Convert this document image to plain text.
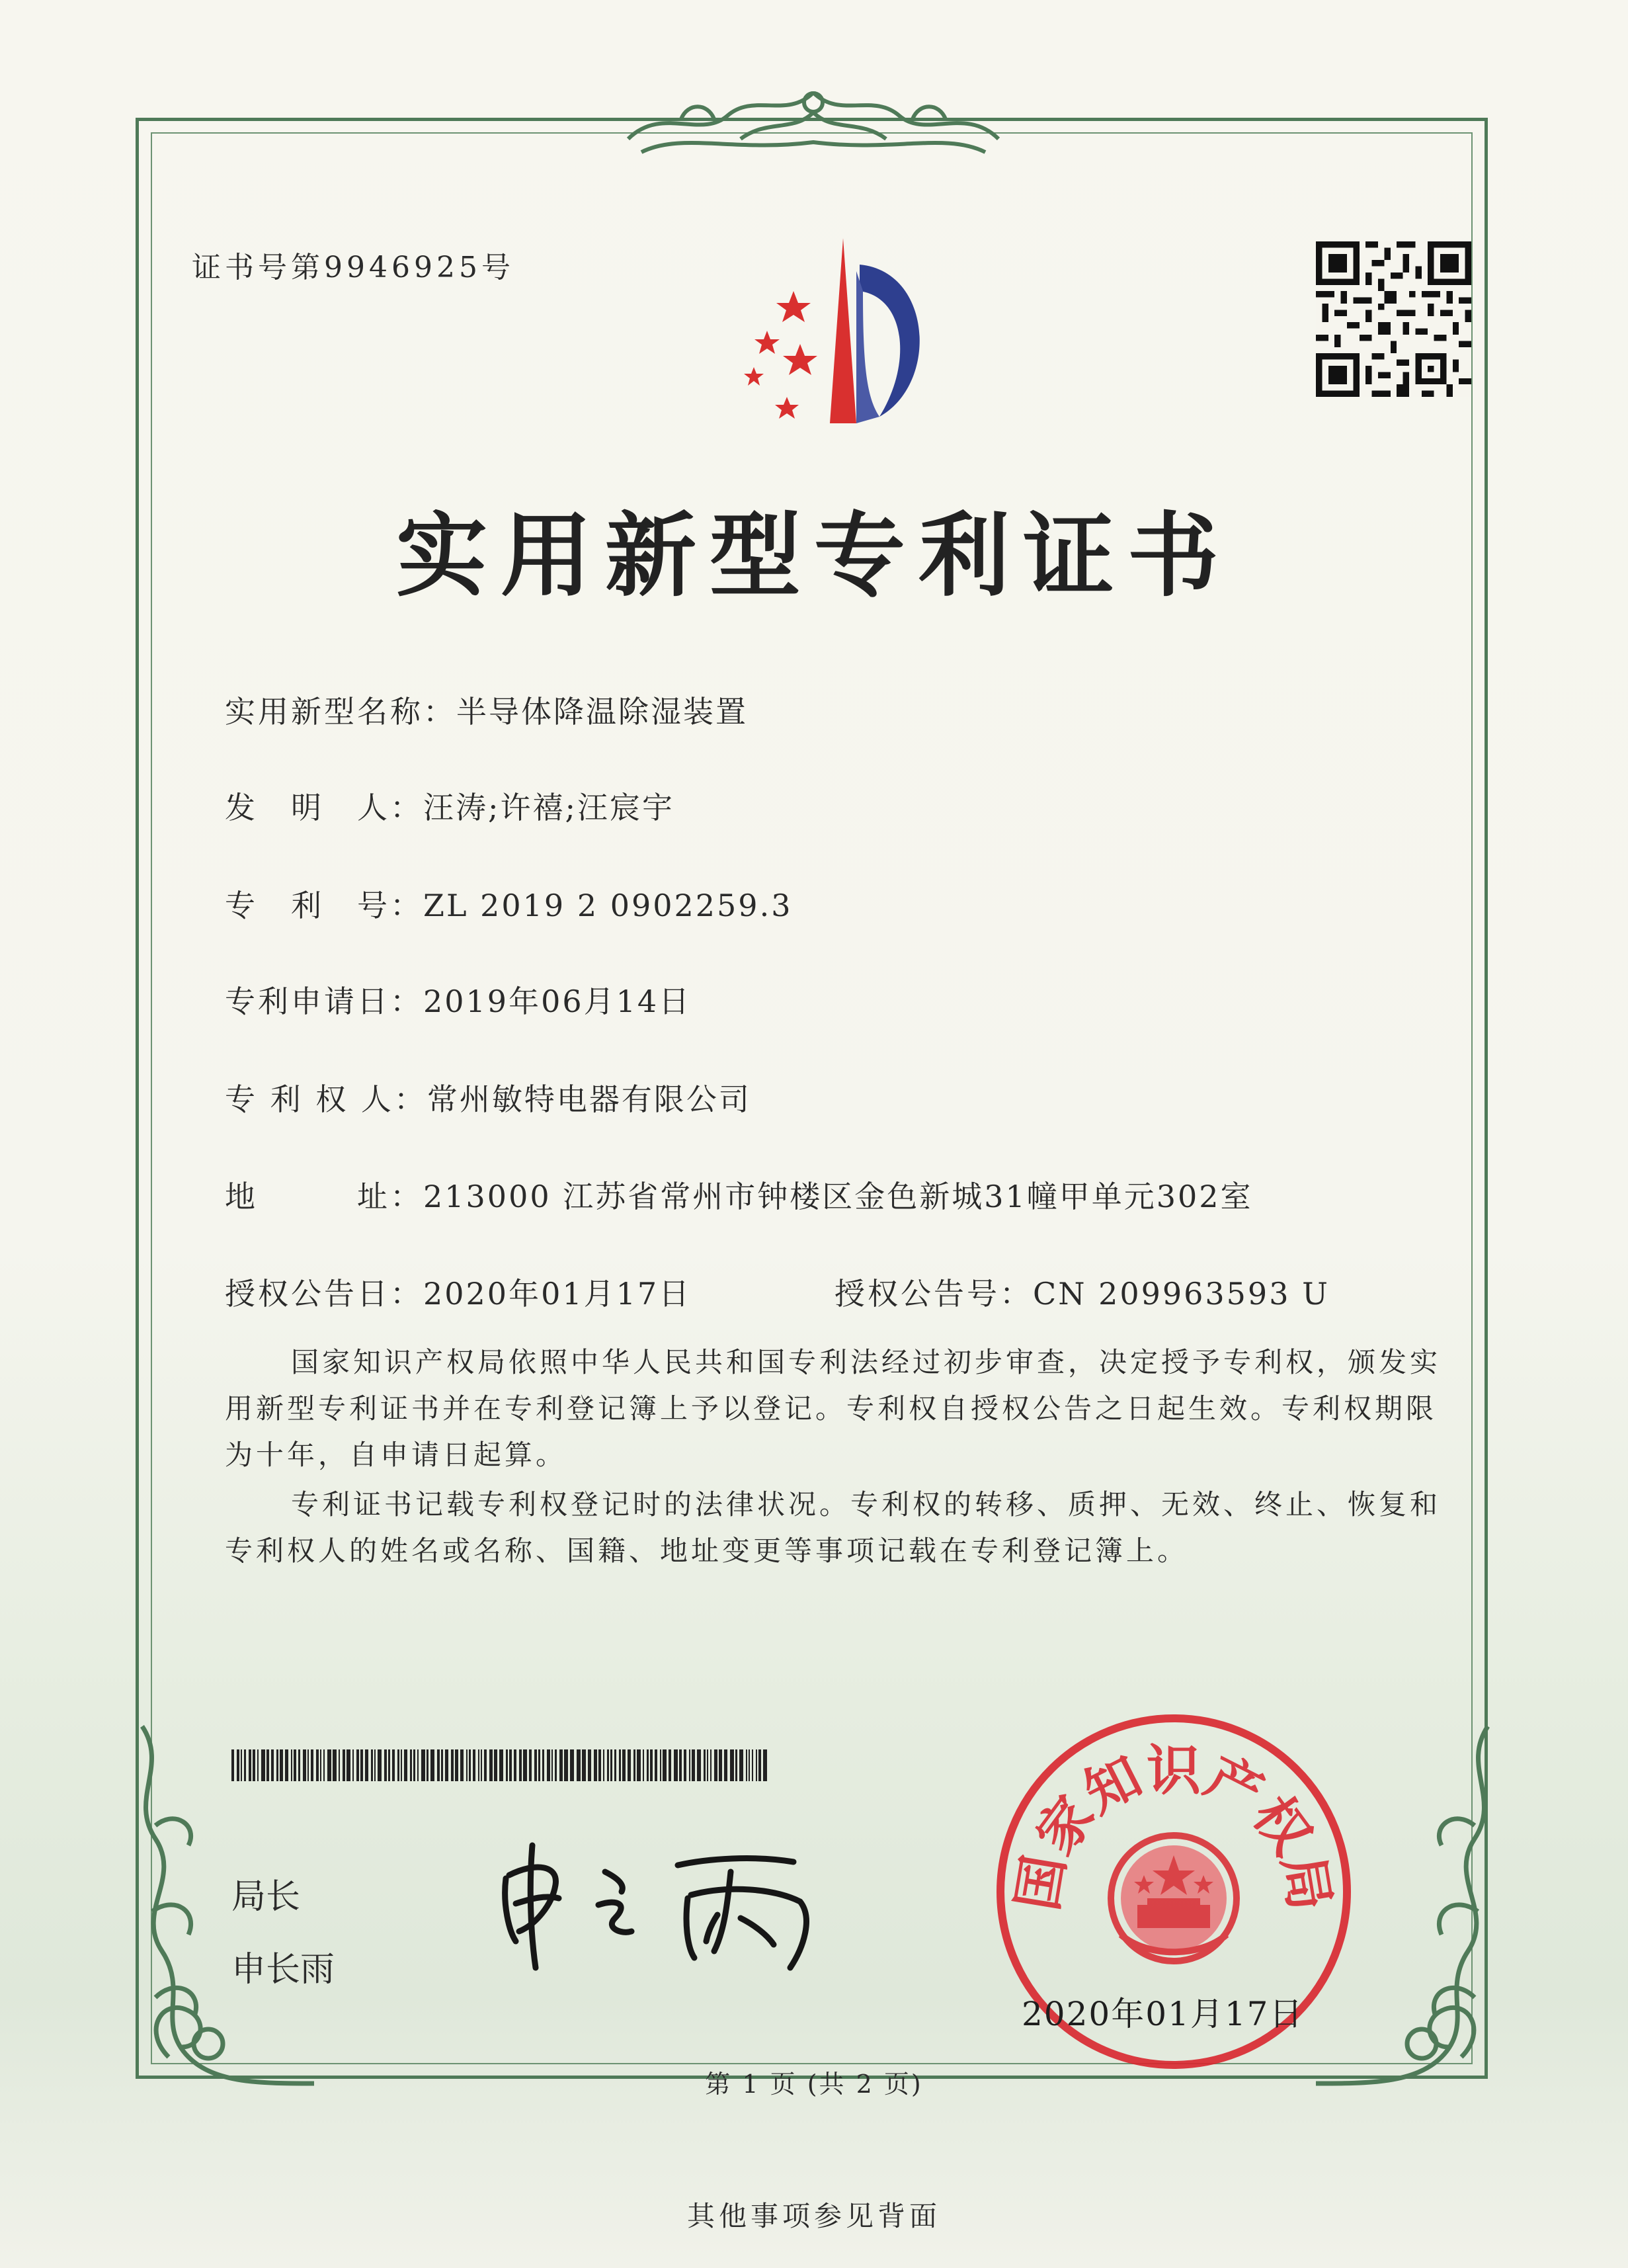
证书号第9946925号
实用新型专利证书
实用新型名称：半导体降温除湿装置
发　明　人：汪涛;许禧;汪宸宇
专　利　号：ZL 2019 2 0902259.3
专利申请日：2019年06月14日
专 利 权 人：常州敏特电器有限公司
地　　　址：213000 江苏省常州市钟楼区金色新城31幢甲单元302室
授权公告日：2020年01月17日	授权公告号：CN 209963593 U
国家知识产权局依照中华人民共和国专利法经过初步审查，决定授予专利权，颁发实用新型专利证书并在专利登记簿上予以登记。专利权自授权公告之日起生效。专利权期限为十年，自申请日起算。
专利证书记载专利权登记时的法律状况。专利权的转移、质押、无效、终止、恢复和专利权人的姓名或名称、国籍、地址变更等事项记载在专利登记簿上。
局长
申长雨
国家知识产权局
2020年01月17日
第 1 页 (共 2 页)
其他事项参见背面
